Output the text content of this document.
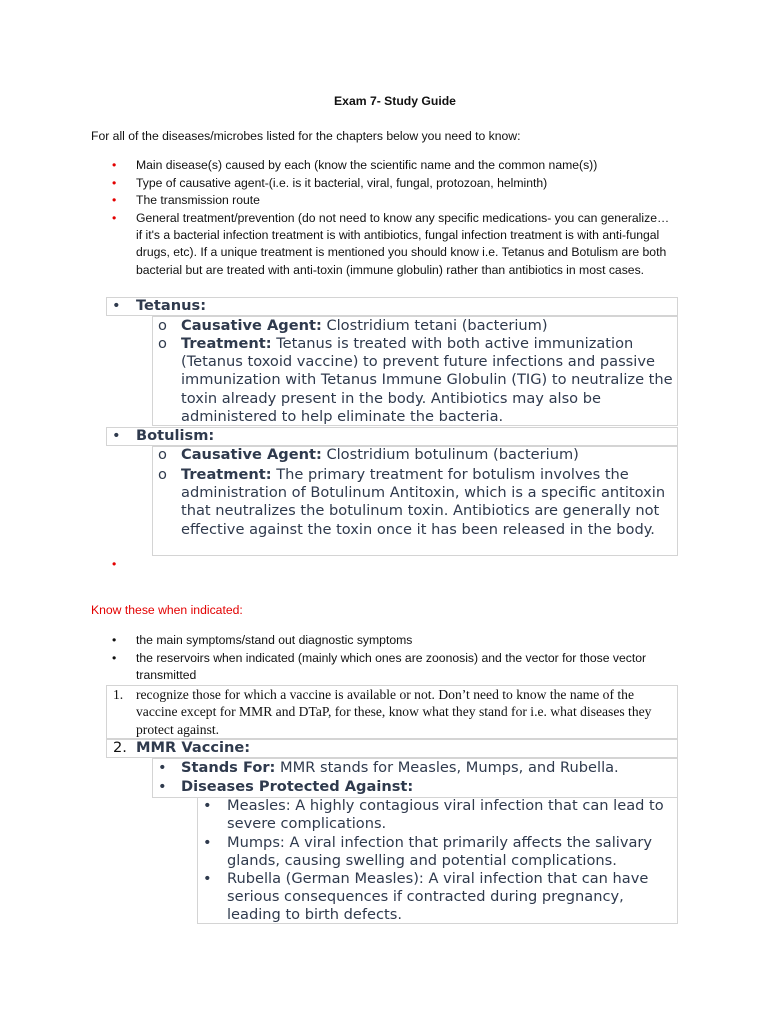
Exam 7- Study Guide
For all of the diseases/microbes listed for the chapters below you need to know:
• Main disease(s) caused by each (know the scientific name and the common name(s))
• Type of causative agent-(i.e. is it bacterial, viral, fungal, protozoan, helminth)
• The transmission route
• General treatment/prevention (do not need to know any specific medications- you can generalize…if it's a bacterial infection treatment is with antibiotics, fungal infection treatment is with anti-fungal drugs, etc). If a unique treatment is mentioned you should know i.e. Tetanus and Botulism are both bacterial but are treated with anti-toxin (immune globulin) rather than antibiotics in most cases.
• Tetanus:
o Causative Agent: Clostridium tetani (bacterium)
o Treatment: Tetanus is treated with both active immunization (Tetanus toxoid vaccine) to prevent future infections and passive immunization with Tetanus Immune Globulin (TIG) to neutralize the toxin already present in the body. Antibiotics may also be administered to help eliminate the bacteria.
• Botulism:
o Causative Agent: Clostridium botulinum (bacterium)
o Treatment: The primary treatment for botulism involves the administration of Botulinum Antitoxin, which is a specific antitoxin that neutralizes the botulinum toxin. Antibiotics are generally not effective against the toxin once it has been released in the body.
•
Know these when indicated:
• the main symptoms/stand out diagnostic symptoms
• the reservoirs when indicated (mainly which ones are zoonosis) and the vector for those vector transmitted
1. recognize those for which a vaccine is available or not. Don’t need to know the name of the vaccine except for MMR and DTaP, for these, know what they stand for i.e. what diseases they protect against.
2. MMR Vaccine:
• Stands For: MMR stands for Measles, Mumps, and Rubella.
• Diseases Protected Against:
• Measles: A highly contagious viral infection that can lead to severe complications.
• Mumps: A viral infection that primarily affects the salivary glands, causing swelling and potential complications.
• Rubella (German Measles): A viral infection that can have serious consequences if contracted during pregnancy, leading to birth defects.
